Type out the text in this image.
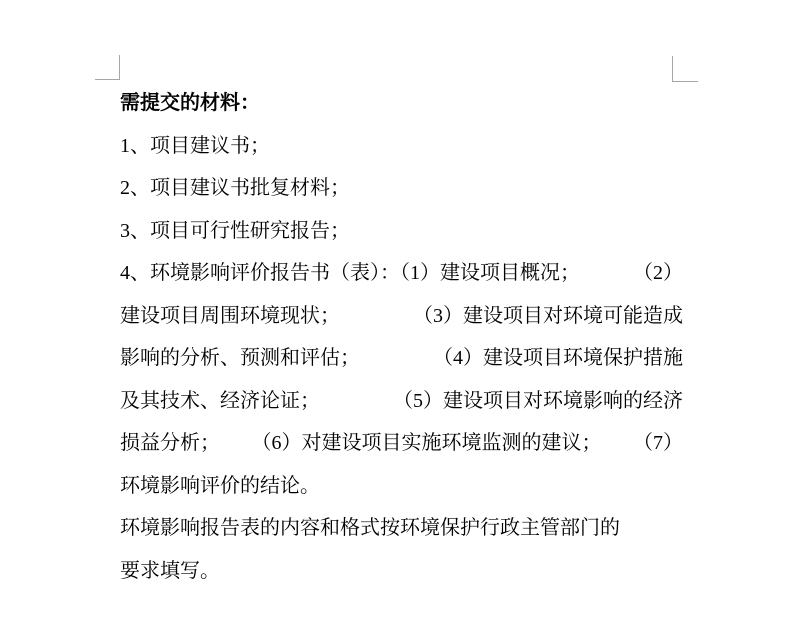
需提交的材料：
1、项目建议书；
2、项目建议书批复材料；
3、项目可行性研究报告；
4、环境影响评价报告书（表）：（1）建设项目概况；	（2）
建设项目周围环境现状；	（3）建设项目对环境可能造成
影响的分析、预测和评估；	（4）建设项目环境保护措施
及其技术、经济论证；	（5）建设项目对环境影响的经济
损益分析； （6）对建设项目实施环境监测的建议； （7）
环境影响评价的结论。
环境影响报告表的内容和格式按环境保护行政主管部门的
要求填写。
